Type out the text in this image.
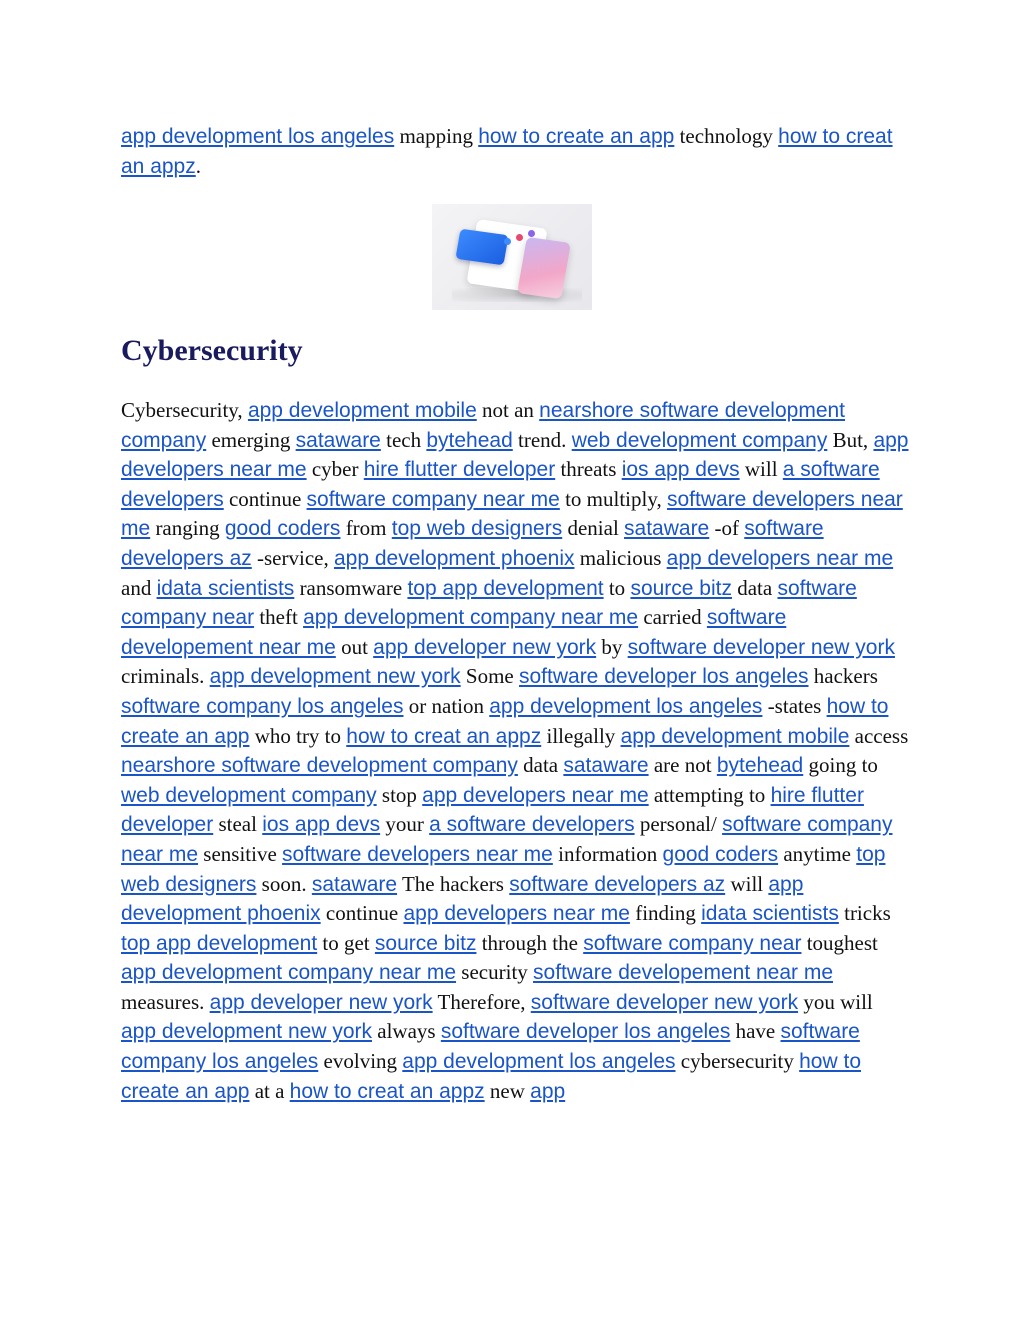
app development los angeles mapping how to create an app technology how to creat an appz.

Cybersecurity

Cybersecurity, app development mobile not an nearshore software development company emerging sataware tech bytehead trend. web development company But, app developers near me cyber hire flutter developer threats ios app devs will a software developers continue software company near me to multiply, software developers near me ranging good coders from top web designers denial sataware -of software developers az -service, app development phoenix malicious app developers near me and idata scientists ransomware top app development to source bitz data software company near theft app development company near me carried software developement near me out app developer new york by software developer new york criminals. app development new york Some software developer los angeles hackers software company los angeles or nation app development los angeles -states how to create an app who try to how to creat an appz illegally app development mobile access nearshore software development company data sataware are not bytehead going to web development company stop app developers near me attempting to hire flutter developer steal ios app devs your a software developers personal/ software company near me sensitive software developers near me information good coders anytime top web designers soon. sataware The hackers software developers az will app development phoenix continue app developers near me finding idata scientists tricks top app development to get source bitz through the software company near toughest app development company near me security software developement near me measures. app developer new york Therefore, software developer new york you will app development new york always software developer los angeles have software company los angeles evolving app development los angeles cybersecurity how to create an app at a how to creat an appz new app
